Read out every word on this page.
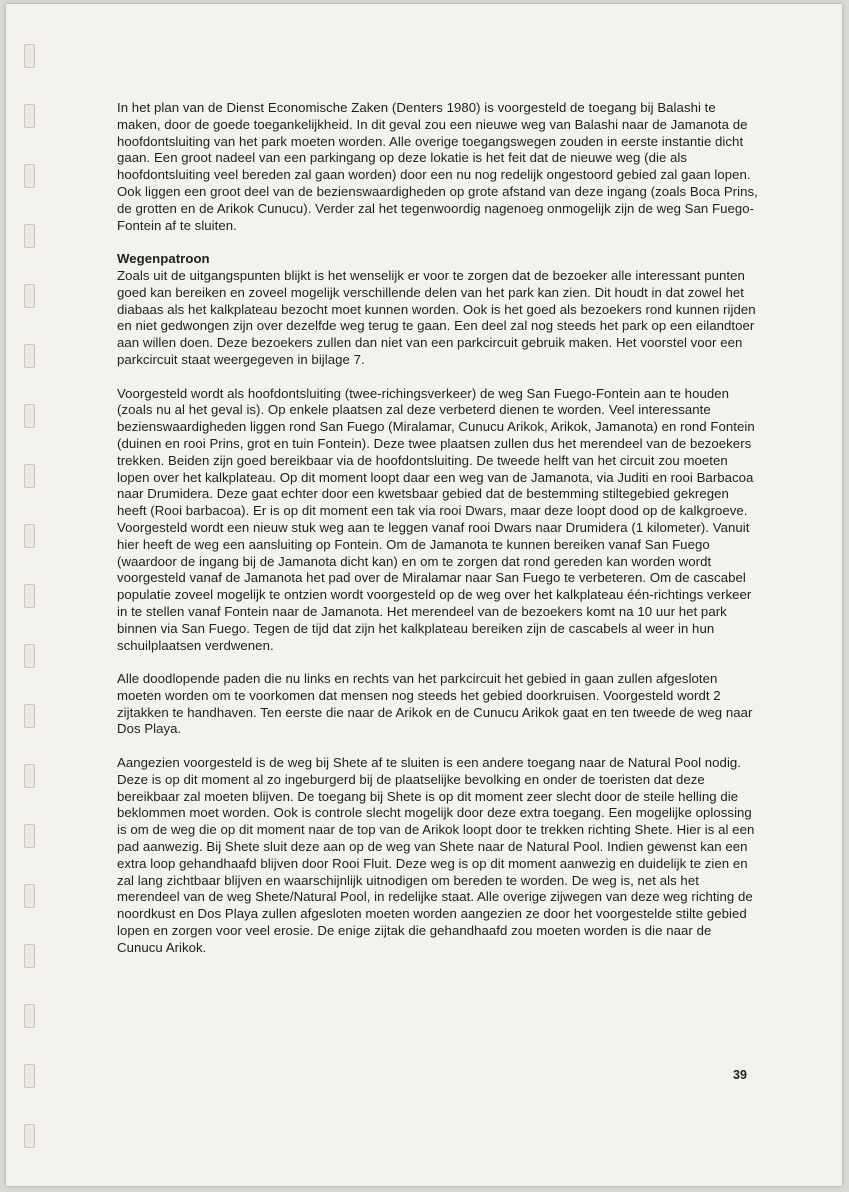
In het plan van de Dienst Economische Zaken (Denters 1980) is voorgesteld de toegang bij Balashi te maken, door de goede toegankelijkheid. In dit geval zou een nieuwe weg van Balashi naar de Jamanota de hoofdontsluiting van het park moeten worden. Alle overige toegangswegen zouden in eerste instantie dicht gaan. Een groot nadeel van een parkingang op deze lokatie is het feit dat de nieuwe weg (die als hoofdontsluiting veel bereden zal gaan worden) door een nu nog redelijk ongestoord gebied zal gaan lopen. Ook liggen een groot deel van de bezienswaardigheden op grote afstand van deze ingang (zoals Boca Prins, de grotten en de Arikok Cunucu). Verder zal het tegenwoordig nagenoeg onmogelijk zijn de weg San Fuego-Fontein af te sluiten.

Wegenpatroon

Zoals uit de uitgangspunten blijkt is het wenselijk er voor te zorgen dat de bezoeker alle interessant punten goed kan bereiken en zoveel mogelijk verschillende delen van het park kan zien. Dit houdt in dat zowel het diabaas als het kalkplateau bezocht moet kunnen worden. Ook is het goed als bezoekers rond kunnen rijden en niet gedwongen zijn over dezelfde weg terug te gaan. Een deel zal nog steeds het park op een eilandtoer aan willen doen. Deze bezoekers zullen dan niet van een parkcircuit gebruik maken. Het voorstel voor een parkcircuit staat weergegeven in bijlage 7.

Voorgesteld wordt als hoofdontsluiting (twee-richingsverkeer) de weg San Fuego-Fontein aan te houden (zoals nu al het geval is). Op enkele plaatsen zal deze verbeterd dienen te worden. Veel interessante bezienswaardigheden liggen rond San Fuego (Miralamar, Cunucu Arikok, Arikok, Jamanota) en rond Fontein (duinen en rooi Prins, grot en tuin Fontein). Deze twee plaatsen zullen dus het merendeel van de bezoekers trekken. Beiden zijn goed bereikbaar via de hoofdontsluiting. De tweede helft van het circuit zou moeten lopen over het kalkplateau. Op dit moment loopt daar een weg van de Jamanota, via Juditi en rooi Barbacoa naar Drumidera. Deze gaat echter door een kwetsbaar gebied dat de bestemming stiltegebied gekregen heeft (Rooi barbacoa). Er is op dit moment een tak via rooi Dwars, maar deze loopt dood op de kalkgroeve. Voorgesteld wordt een nieuw stuk weg aan te leggen vanaf rooi Dwars naar Drumidera (1 kilometer). Vanuit hier heeft de weg een aansluiting op Fontein. Om de Jamanota te kunnen bereiken vanaf San Fuego (waardoor de ingang bij de Jamanota dicht kan) en om te zorgen dat rond gereden kan worden wordt voorgesteld vanaf de Jamanota het pad over de Miralamar naar San Fuego te verbeteren. Om de cascabel populatie zoveel mogelijk te ontzien wordt voorgesteld op de weg over het kalkplateau één-richtings verkeer in te stellen vanaf Fontein naar de Jamanota. Het merendeel van de bezoekers komt na 10 uur het park binnen via San Fuego. Tegen de tijd dat zijn het kalkplateau bereiken zijn de cascabels al weer in hun schuilplaatsen verdwenen.

Alle doodlopende paden die nu links en rechts van het parkcircuit het gebied in gaan zullen afgesloten moeten worden om te voorkomen dat mensen nog steeds het gebied doorkruisen. Voorgesteld wordt 2 zijtakken te handhaven. Ten eerste die naar de Arikok en de Cunucu Arikok gaat en ten tweede de weg naar Dos Playa.

Aangezien voorgesteld is de weg bij Shete af te sluiten is een andere toegang naar de Natural Pool nodig. Deze is op dit moment al zo ingeburgerd bij de plaatselijke bevolking en onder de toeristen dat deze bereikbaar zal moeten blijven. De toegang bij Shete is op dit moment zeer slecht door de steile helling die beklommen moet worden. Ook is controle slecht mogelijk door deze extra toegang. Een mogelijke oplossing is om de weg die op dit moment naar de top van de Arikok loopt door te trekken richting Shete. Hier is al een pad aanwezig. Bij Shete sluit deze aan op de weg van Shete naar de Natural Pool. Indien gewenst kan een extra loop gehandhaafd blijven door Rooi Fluit. Deze weg is op dit moment aanwezig en duidelijk te zien en zal lang zichtbaar blijven en waarschijnlijk uitnodigen om bereden te worden. De weg is, net als het merendeel van de weg Shete/Natural Pool, in redelijke staat. Alle overige zijwegen van deze weg richting de noordkust en Dos Playa zullen afgesloten moeten worden aangezien ze door het voorgestelde stilte gebied lopen en zorgen voor veel erosie. De enige zijtak die gehandhaafd zou moeten worden is die naar de Cunucu Arikok.

39
